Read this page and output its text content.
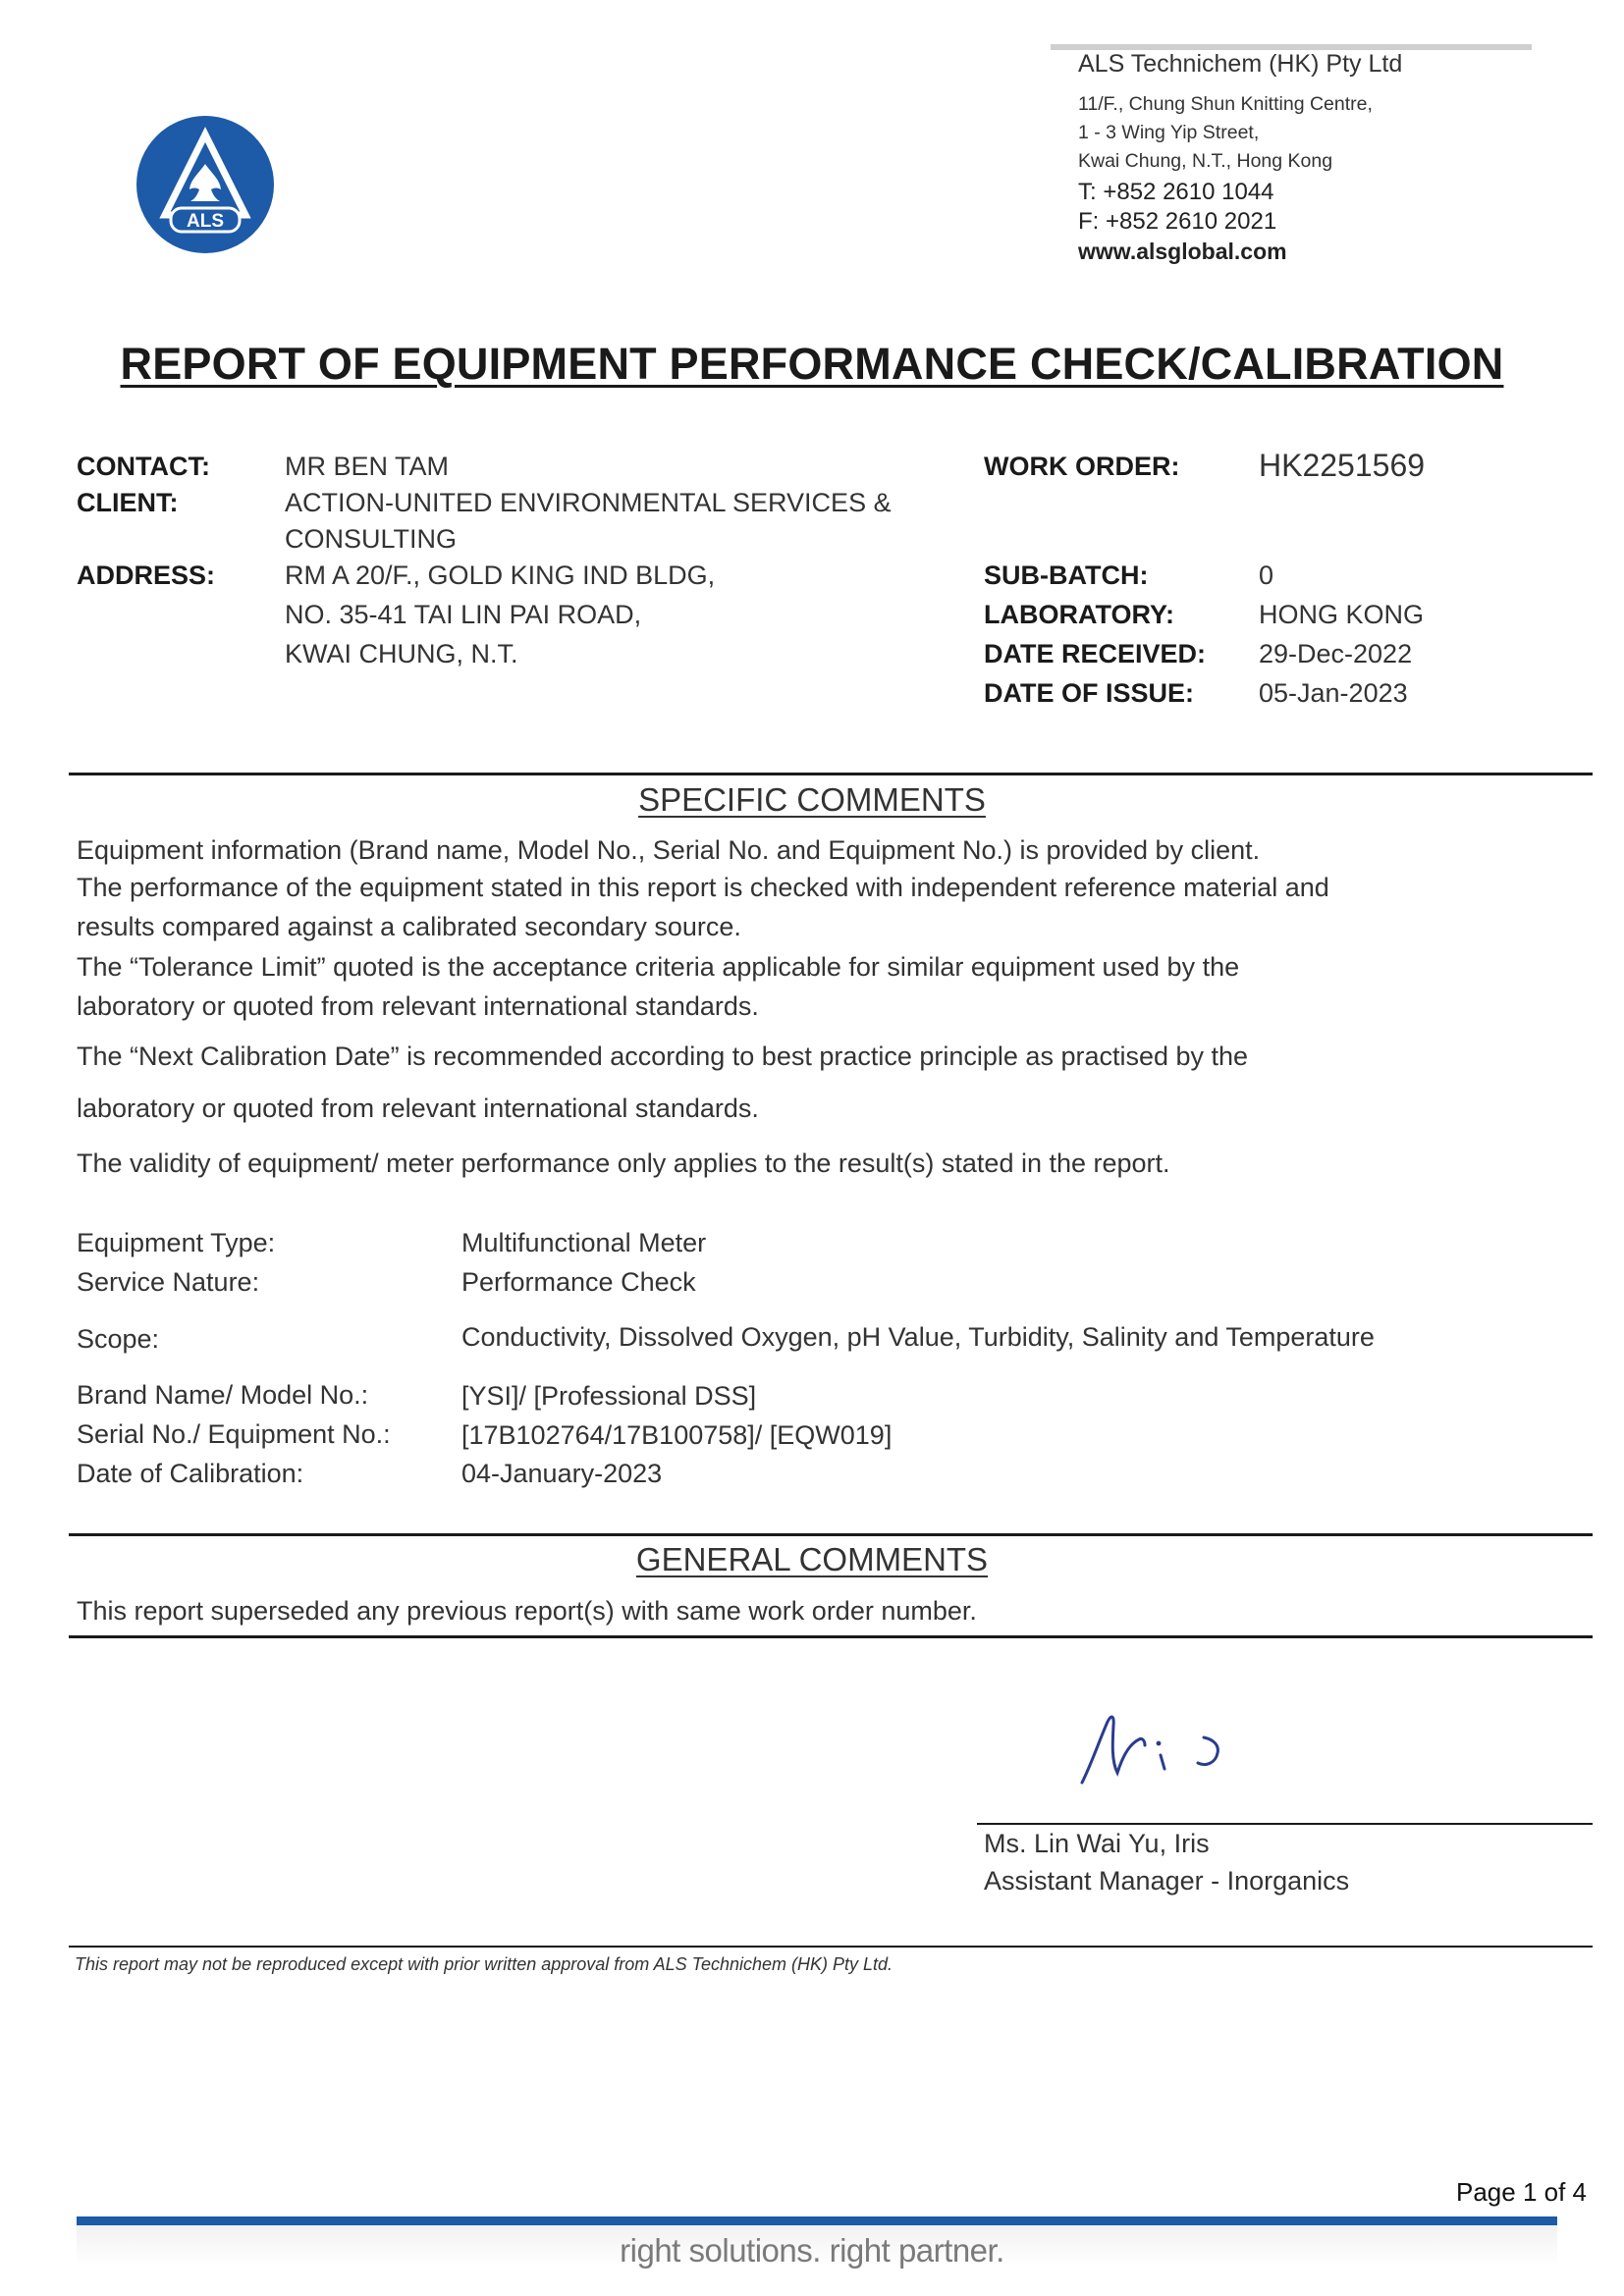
ALS
ALS Technichem (HK) Pty Ltd
11/F., Chung Shun Knitting Centre,
1 - 3 Wing Yip Street,
Kwai Chung, N.T., Hong Kong
T: +852 2610 1044
F: +852 2610 2021
www.alsglobal.com
REPORT OF EQUIPMENT PERFORMANCE CHECK/CALIBRATION
CONTACT:	MR BEN TAM
CLIENT:	ACTION-UNITED ENVIRONMENTAL SERVICES &
CONSULTING
ADDRESS:	RM A 20/F., GOLD KING IND BLDG,
NO. 35-41 TAI LIN PAI ROAD,
KWAI CHUNG, N.T.
WORK ORDER:	HK2251569
SUB-BATCH:	0
LABORATORY:	HONG KONG
DATE RECEIVED: 29-Dec-2022
DATE OF ISSUE: 05-Jan-2023
SPECIFIC COMMENTS
Equipment information (Brand name, Model No., Serial No. and Equipment No.) is provided by client.
The performance of the equipment stated in this report is checked with independent reference material and
results compared against a calibrated secondary source.
The “Tolerance Limit” quoted is the acceptance criteria applicable for similar equipment used by the
laboratory or quoted from relevant international standards.
The “Next Calibration Date” is recommended according to best practice principle as practised by the
laboratory or quoted from relevant international standards.
The validity of equipment/ meter performance only applies to the result(s) stated in the report.
Equipment Type:	Multifunctional Meter
Service Nature:	Performance Check
Scope:	Conductivity, Dissolved Oxygen, pH Value, Turbidity, Salinity and Temperature
Brand Name/ Model No.:	[YSI]/ [Professional DSS]
Serial No./ Equipment No.:	[17B102764/17B100758]/ [EQW019]
Date of Calibration:	04-January-2023
GENERAL COMMENTS
This report superseded any previous report(s) with same work order number.
Ms. Lin Wai Yu, Iris
Assistant Manager - Inorganics
This report may not be reproduced except with prior written approval from ALS Technichem (HK) Pty Ltd.
Page 1 of 4
right solutions. right partner.
